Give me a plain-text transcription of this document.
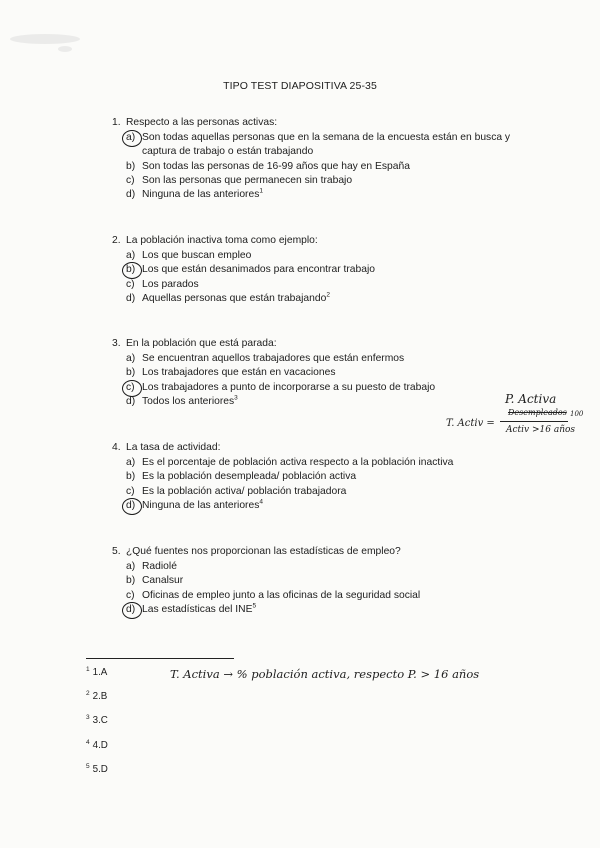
TIPO TEST DIAPOSITIVA 25-35

1. Respecto a las personas activas:

a) Son todas aquellas personas que en la semana de la encuesta están en busca y
captura de trabajo o están trabajando

b) Son todas las personas de 16-99 años que hay en España

c) Son las personas que permanecen sin trabajo

d) Ninguna de las anteriores$^1$

2. La población inactiva toma como ejemplo:

a) Los que buscan empleo

b) Los que están desanimados para encontrar trabajo

c) Los parados

d) Aquellas personas que están trabajando$^2$

3. En la población que está parada:

a) Se encuentran aquellos trabajadores que están enfermos

b) Los trabajadores que están en vacaciones

c) Los trabajadores a punto de incorporarse a su puesto de trabajo

d) Todos los anteriores$^3$

4. La tasa de actividad:

a) Es el porcentaje de población activa respecto a la población inactiva

b) Es la población desempleada/ población activa

c) Es la población activa/ población trabajadora

d) Ninguna de las anteriores$^4$

5. ¿Qué fuentes nos proporcionan las estadísticas de empleo?

a) Radiolé

b) Canalsur

c) Oficinas de empleo junto a las oficinas de la seguridad social

d) Las estadísticas del INE$^5$

$^1$ 1.A
$^2$ 2.B
$^3$ 3.C
$^4$ 4.D
$^5$ 5.D
T. Activ =
P. Activa
Desempleados 100
Activ >16 años
T. Activa → % población activa, respecto P. > 16 años
